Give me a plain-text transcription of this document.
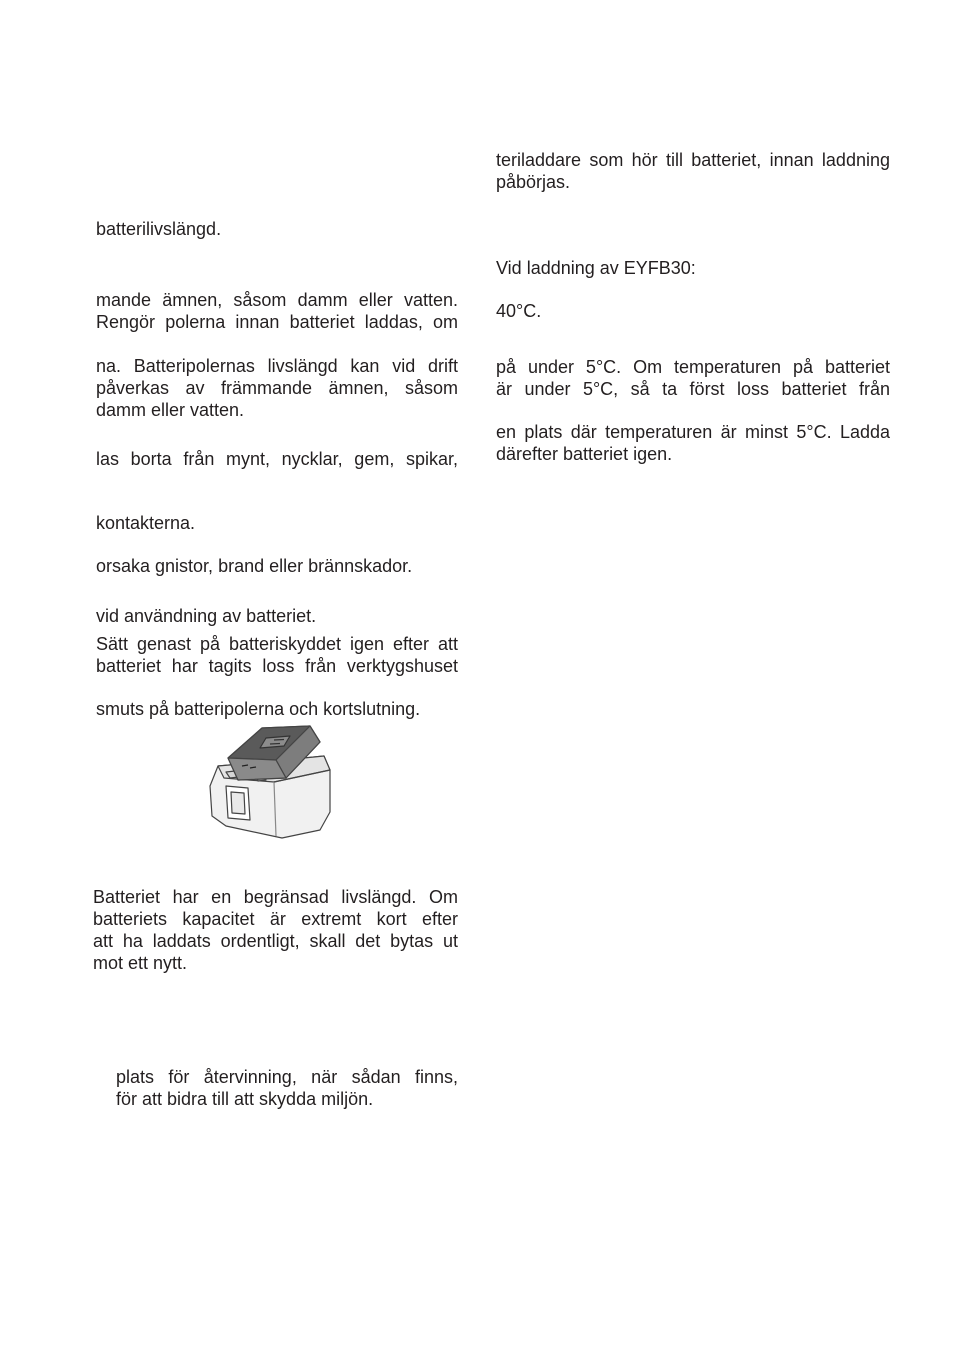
batterilivslängd.
mande ämnen, såsom damm eller vatten.
Rengör polerna innan batteriet laddas, om
na. Batteripolernas livslängd kan vid drift
påverkas av främmande ämnen, såsom
damm eller vatten.
las borta från mynt, nycklar, gem, spikar,
kontakterna.
orsaka gnistor, brand eller brännskador.
vid användning av batteriet.
Sätt genast på batteriskyddet igen efter att
batteriet har tagits loss från verktygshuset
smuts på batteripolerna och kortslutning.
Batteriet har en begränsad livslängd. Om
batteriets kapacitet är extremt kort efter
att ha laddats ordentligt, skall det bytas ut
mot ett nytt.
plats för återvinning, när sådan finns,
för att bidra till att skydda miljön.
teriladdare som hör till batteriet, innan laddning
påbörjas.
Vid laddning av EYFB30:
40°C.
på under 5°C. Om temperaturen på batteriet
är under 5°C, så ta först loss batteriet från
en plats där temperaturen är minst 5°C. Ladda
därefter batteriet igen.
